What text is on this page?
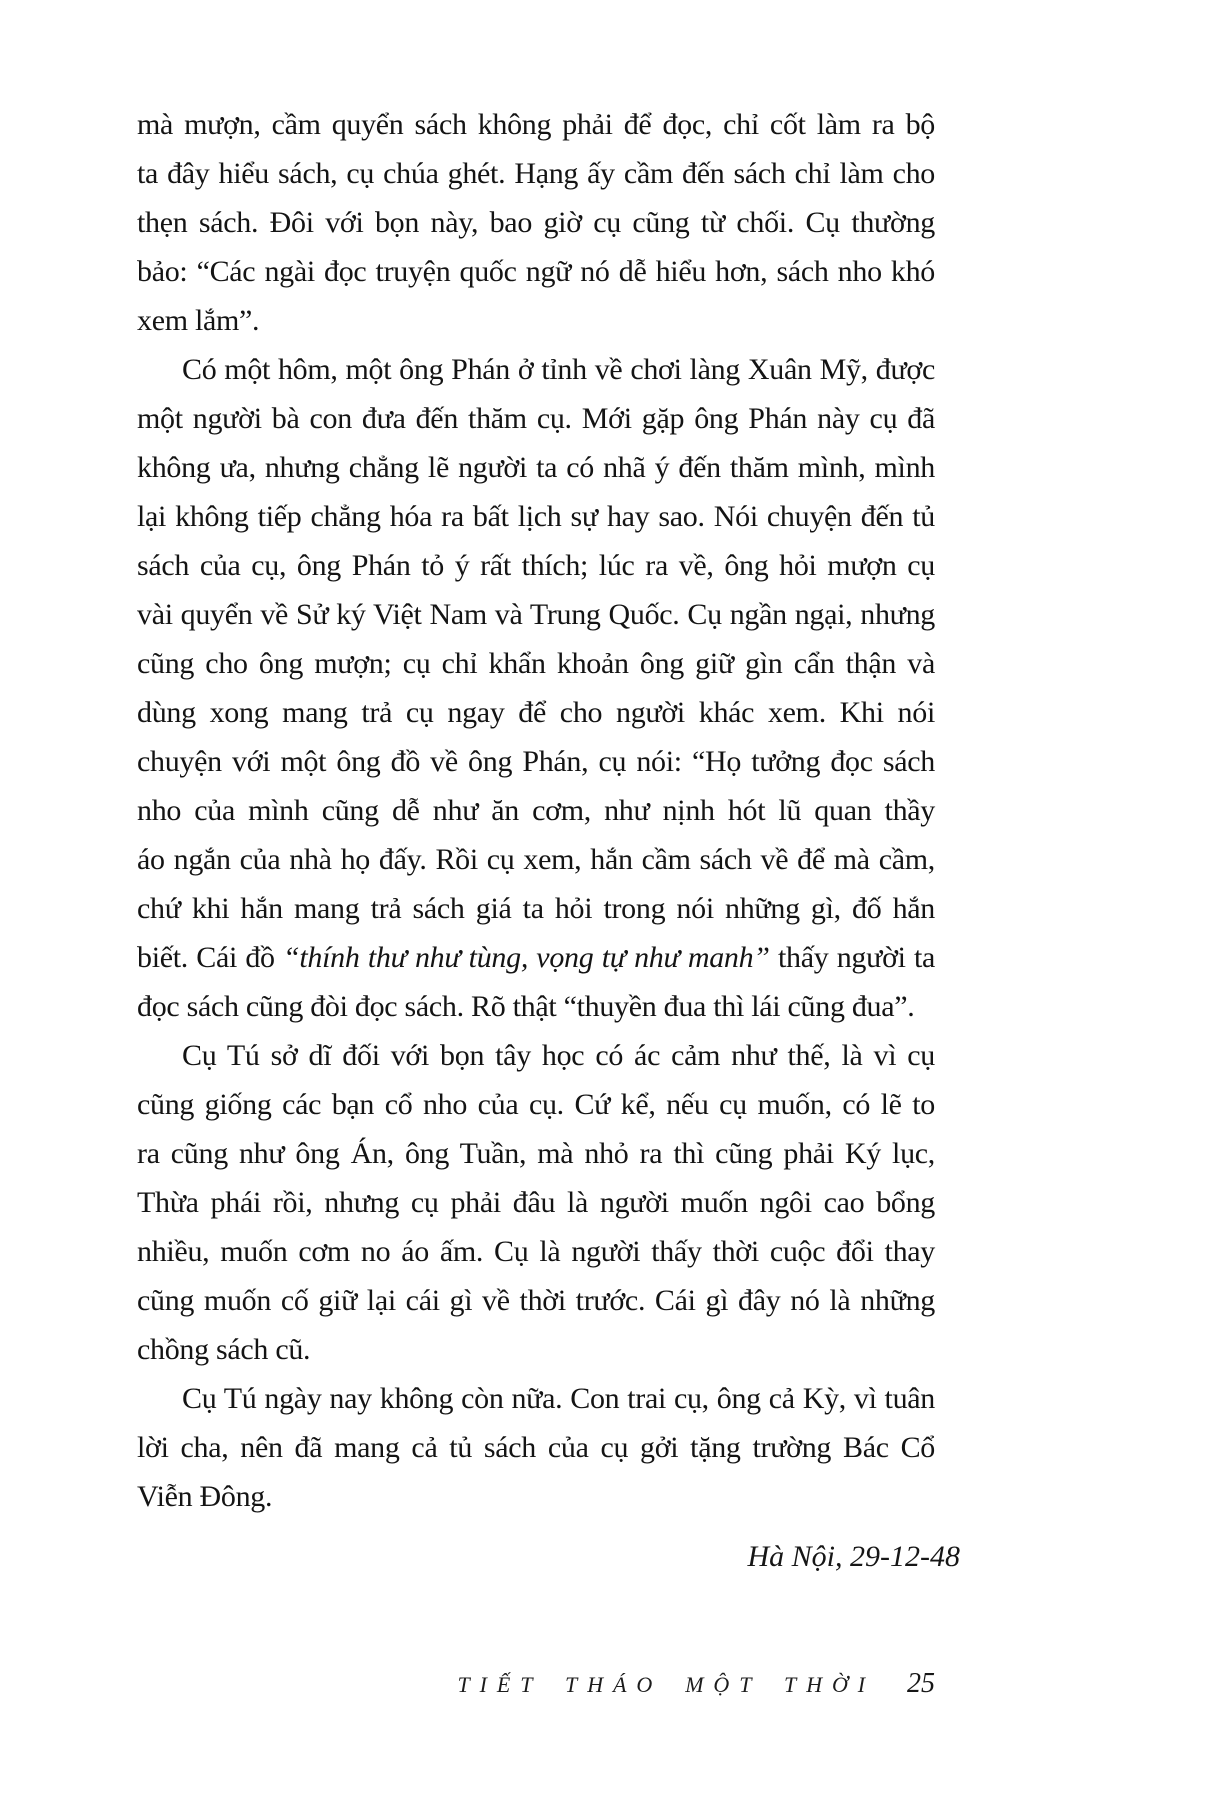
mà mượn, cầm quyển sách không phải để đọc, chỉ cốt làm ra bộ
ta đây hiểu sách, cụ chúa ghét. Hạng ấy cầm đến sách chỉ làm cho
thẹn sách. Đôi với bọn này, bao giờ cụ cũng từ chối. Cụ thường
bảo: “Các ngài đọc truyện quốc ngữ nó dễ hiểu hơn, sách nho khó
xem lắm”.
Có một hôm, một ông Phán ở tỉnh về chơi làng Xuân Mỹ, được
một người bà con đưa đến thăm cụ. Mới gặp ông Phán này cụ đã
không ưa, nhưng chẳng lẽ người ta có nhã ý đến thăm mình, mình
lại không tiếp chẳng hóa ra bất lịch sự hay sao. Nói chuyện đến tủ
sách của cụ, ông Phán tỏ ý rất thích; lúc ra về, ông hỏi mượn cụ
vài quyển về Sử ký Việt Nam và Trung Quốc. Cụ ngần ngại, nhưng
cũng cho ông mượn; cụ chỉ khẩn khoản ông giữ gìn cẩn thận và
dùng xong mang trả cụ ngay để cho người khác xem. Khi nói
chuyện với một ông đồ về ông Phán, cụ nói: “Họ tưởng đọc sách
nho của mình cũng dễ như ăn cơm, như nịnh hót lũ quan thầy
áo ngắn của nhà họ đấy. Rồi cụ xem, hắn cầm sách về để mà cầm,
chứ khi hắn mang trả sách giá ta hỏi trong nói những gì, đố hắn
biết. Cái đồ “thính thư như tùng, vọng tự như manh” thấy người ta
đọc sách cũng đòi đọc sách. Rõ thật “thuyền đua thì lái cũng đua”.
Cụ Tú sở dĩ đối với bọn tây học có ác cảm như thế, là vì cụ
cũng giống các bạn cổ nho của cụ. Cứ kể, nếu cụ muốn, có lẽ to
ra cũng như ông Án, ông Tuần, mà nhỏ ra thì cũng phải Ký lục,
Thừa phái rồi, nhưng cụ phải đâu là người muốn ngôi cao bổng
nhiều, muốn cơm no áo ấm. Cụ là người thấy thời cuộc đổi thay
cũng muốn cố giữ lại cái gì về thời trước. Cái gì đây nó là những
chồng sách cũ.
Cụ Tú ngày nay không còn nữa. Con trai cụ, ông cả Kỳ, vì tuân
lời cha, nên đã mang cả tủ sách của cụ gởi tặng trường Bác Cổ
Viễn Đông.
Hà Nội, 29-12-48
TIẾT THÁO MỘT THỜI 25
